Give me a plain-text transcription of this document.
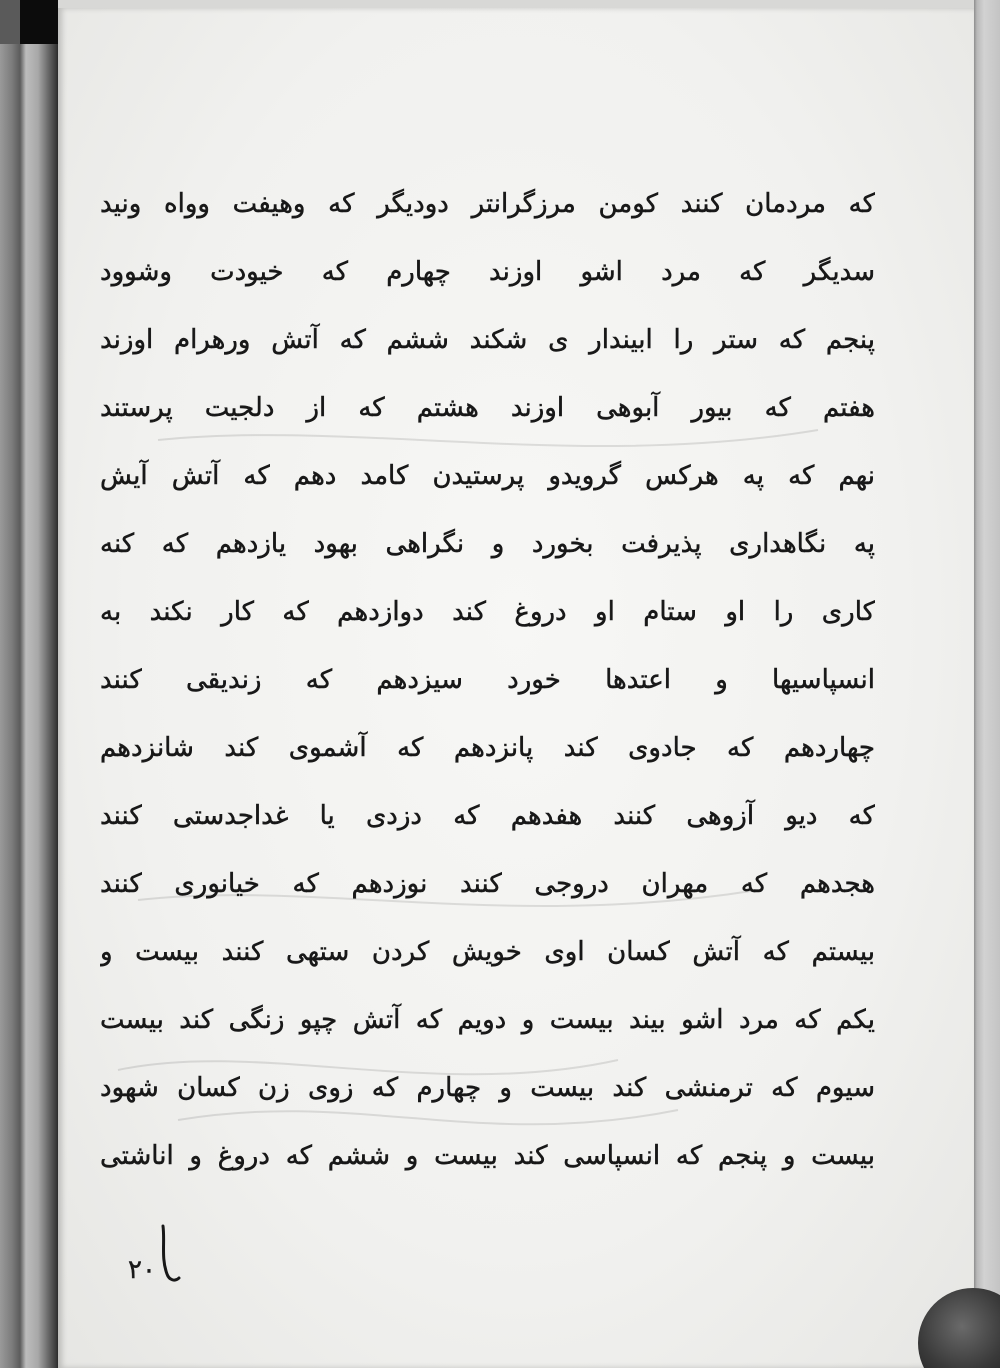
که مردمان کنند کومن مرزگرانتر دودیگر که وهیفت وواه ونید
سدیگر که مرد اشو اوزند چهارم که خیودت وشوود
پنجم که ستر را ابیندار ی شکند ششم که آتش ورهرام اوزند
هفتم که بیور آبوهی اوزند هشتم که از دلجیت پرستند
نهم که په هرکس گرویدو پرستیدن کامد دهم که آتش آیش
په نگاهداری پذیرفت بخورد و نگراهی بهود یازدهم که کنه
کاری را او ستام او دروغ کند دوازدهم که کار نکند به
انسپاسیها و اعتدها خورد سیزدهم که زندیقی کنند
چهاردهم که جادوی کند پانزدهم که آشموی کند شانزدهم
که دیو آزوهی کنند هفدهم که دزدی یا غداجدستی کنند
هجدهم که مهران دروجی کنند نوزدهم که خیانوری کنند
بیستم که آتش کسان اوی خویش کردن ستهی کنند بیست و
یکم که مرد اشو بیند بیست و دویم که آتش چپو زنگی کند بیست
سیوم که ترمنشی کند بیست و چهارم که زوی زن کسان شهود
بیست و پنجم که انسپاسی کند بیست و ششم که دروغ و اناشتی
۲۰
